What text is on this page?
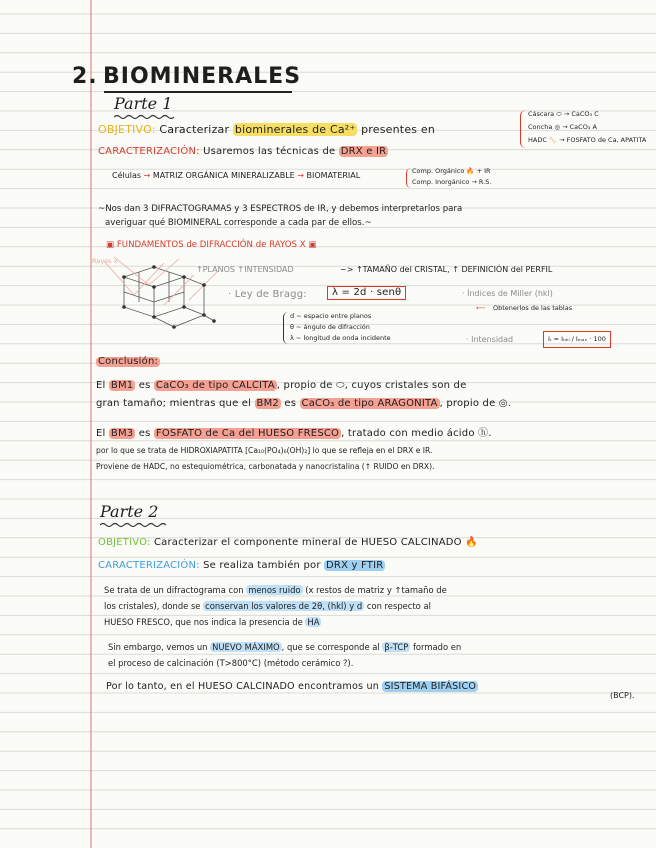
2. BIOMINERALES
Parte 1
OBJETIVO: Caracterizar biominerales de Ca²⁺ presentes en
Cáscara ⬭ → CaCO₃ C
Concha ◎ → CaCO₃ A
HADC 🦴 → FOSFATO de Ca, APATITA
CARACTERIZACIÓN: Usaremos las técnicas de DRX e IR
Células → MATRIZ ORGÁNICA MINERALIZABLE → BIOMATERIAL	Comp. Orgánico 🔥 + IR
Comp. Inorgánico → R.S.
~Nos dan 3 DIFRACTOGRAMAS y 3 ESPECTROS de IR, y debemos interpretarlos para
averiguar qué BIOMINERAL corresponde a cada par de ellos.~
▣ FUNDAMENTOS de DIFRACCIÓN de RAYOS X ▣
Rayos x
↑PLANOS ↑INTENSIDAD	~> ↑TAMAÑO del CRISTAL, ↑ DEFINICIÓN del PERFIL
· Ley de Bragg:	λ = 2d · senθ	· Índices de Miller (hkl)
⟵ Obtenerlos de las tablas
d ~ espacio entre planos
θ ~ ángulo de difracción
λ ~ longitud de onda incidente	· Intensidad	Iᵣ = Iₕₖₗ / Iₘₐₓ · 100
Conclusión:
El BM1 es CaCO₃ de tipo CALCITA , propio de ⬭, cuyos cristales son de
gran tamaño; mientras que el BM2 es CaCO₃ de tipo ARAGONITA , propio de ◎.
El BM3 es FOSFATO de Ca del HUESO FRESCO , tratado con medio ácido ⓗ.
por lo que se trata de HIDROXIAPATITA [Ca₁₀(PO₄)₆(OH)₂] lo que se refleja en el DRX e IR.
Proviene de HADC, no estequiométrica, carbonatada y nanocristalina (↑ RUIDO en DRX).
Parte 2
OBJETIVO: Caracterizar el componente mineral de HUESO CALCINADO 🔥
CARACTERIZACIÓN: Se realiza también por DRX y FTIR
Se trata de un difractograma con menos ruido (x restos de matriz y ↑tamaño de
los cristales), donde se conservan los valores de 2θ, (hkl) y d con respecto al
HUESO FRESCO, que nos indica la presencia de HA
Sin embargo, vemos un NUEVO MÁXIMO , que se corresponde al β-TCP formado en
el proceso de calcinación (T>800°C) (método cerámico ?).
Por lo tanto, en el HUESO CALCINADO encontramos un SISTEMA BIFÁSICO
(BCP).
